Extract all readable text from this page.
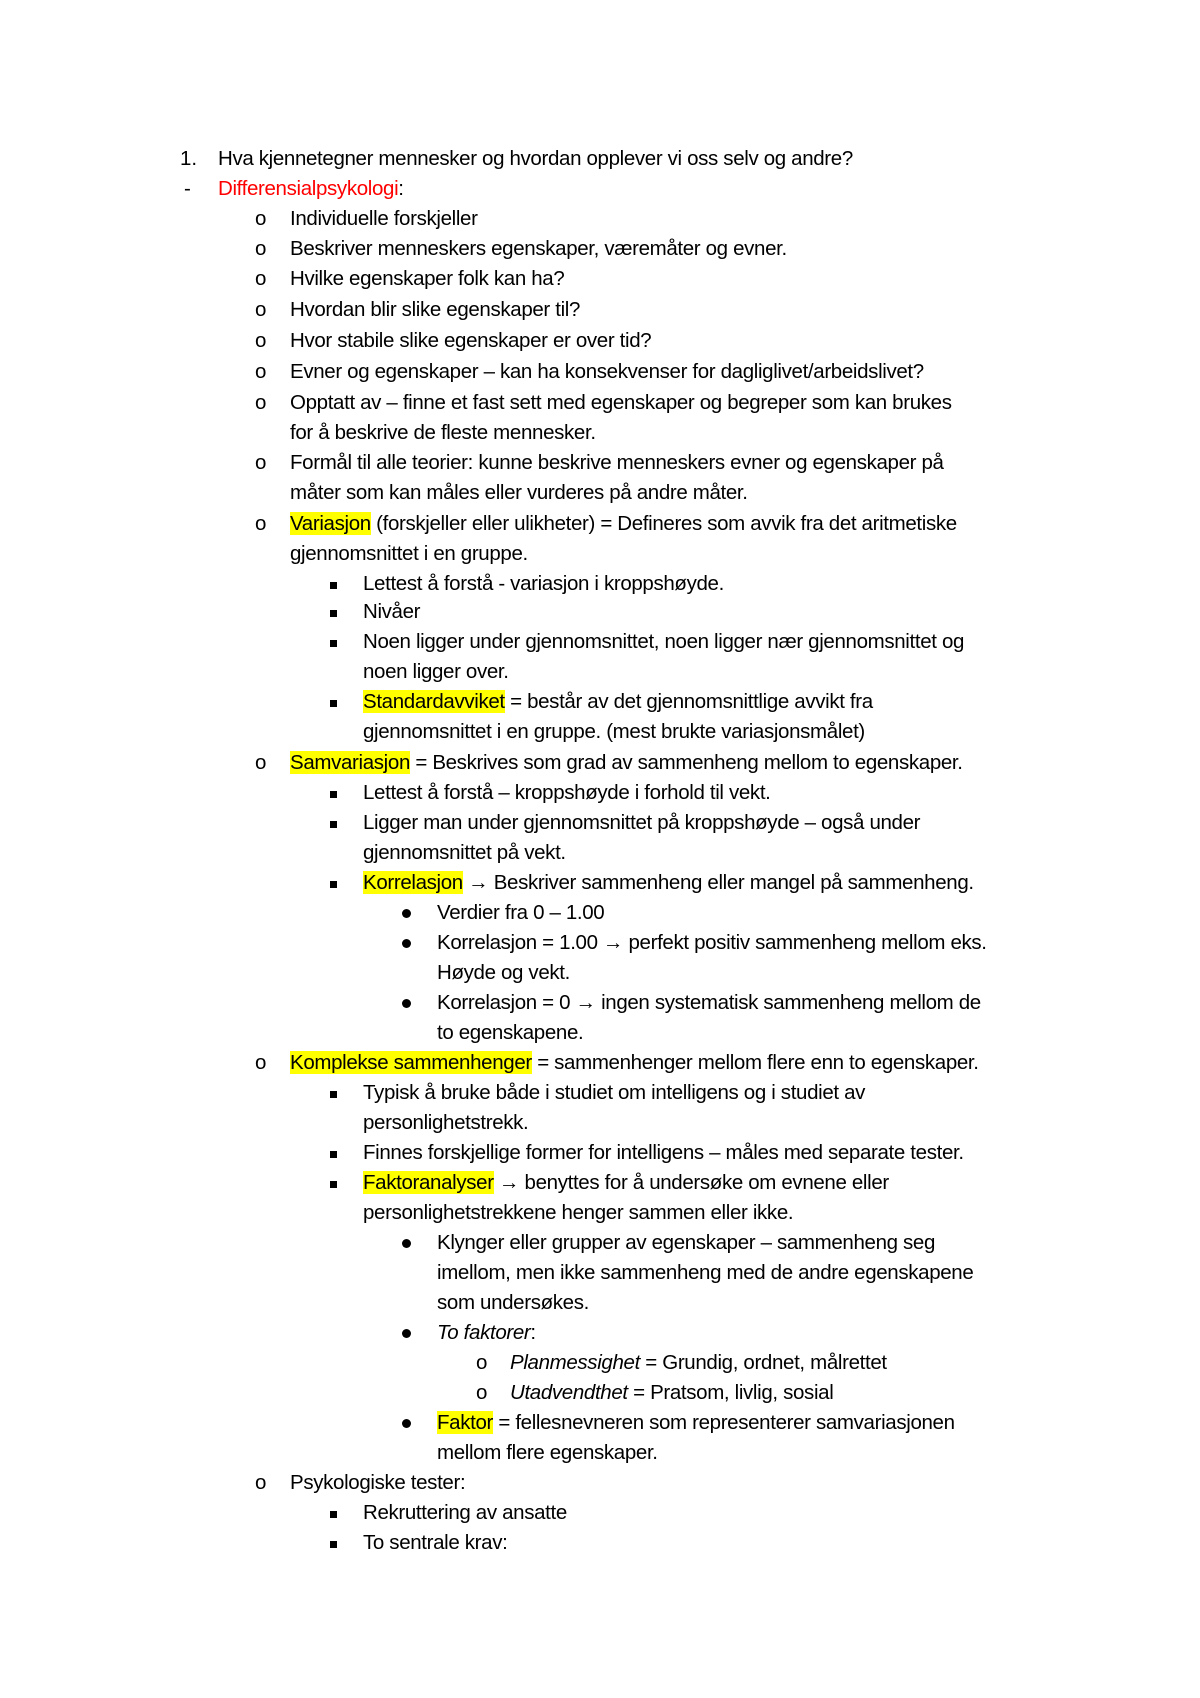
1. Hva kjennetegner mennesker og hvordan opplever vi oss selv og andre?
- Differensialpsykologi:
o Individuelle forskjeller
o Beskriver menneskers egenskaper, væremåter og evner.
o Hvilke egenskaper folk kan ha?
o Hvordan blir slike egenskaper til?
o Hvor stabile slike egenskaper er over tid?
o Evner og egenskaper – kan ha konsekvenser for dagliglivet/arbeidslivet?
o Opptatt av – finne et fast sett med egenskaper og begreper som kan brukes
for å beskrive de fleste mennesker.
o Formål til alle teorier: kunne beskrive menneskers evner og egenskaper på
måter som kan måles eller vurderes på andre måter.
o Variasjon (forskjeller eller ulikheter) = Defineres som avvik fra det aritmetiske
gjennomsnittet i en gruppe.
Lettest å forstå - variasjon i kroppshøyde.
Nivåer
Noen ligger under gjennomsnittet, noen ligger nær gjennomsnittet og
noen ligger over.
Standardavviket = består av det gjennomsnittlige avvikt fra
gjennomsnittet i en gruppe. (mest brukte variasjonsmålet)
o Samvariasjon = Beskrives som grad av sammenheng mellom to egenskaper.
Lettest å forstå – kroppshøyde i forhold til vekt.
Ligger man under gjennomsnittet på kroppshøyde – også under
gjennomsnittet på vekt.
Korrelasjon → Beskriver sammenheng eller mangel på sammenheng.
Verdier fra 0 – 1.00
Korrelasjon = 1.00 → perfekt positiv sammenheng mellom eks.
Høyde og vekt.
Korrelasjon = 0 → ingen systematisk sammenheng mellom de
to egenskapene.
o Komplekse sammenhenger = sammenhenger mellom flere enn to egenskaper.
Typisk å bruke både i studiet om intelligens og i studiet av
personlighetstrekk.
Finnes forskjellige former for intelligens – måles med separate tester.
Faktoranalyser → benyttes for å undersøke om evnene eller
personlighetstrekkene henger sammen eller ikke.
Klynger eller grupper av egenskaper – sammenheng seg
imellom, men ikke sammenheng med de andre egenskapene
som undersøkes.
To faktorer:
o Planmessighet = Grundig, ordnet, målrettet
o Utadvendthet = Pratsom, livlig, sosial
Faktor = fellesnevneren som representerer samvariasjonen
mellom flere egenskaper.
o Psykologiske tester:
Rekruttering av ansatte
To sentrale krav:
